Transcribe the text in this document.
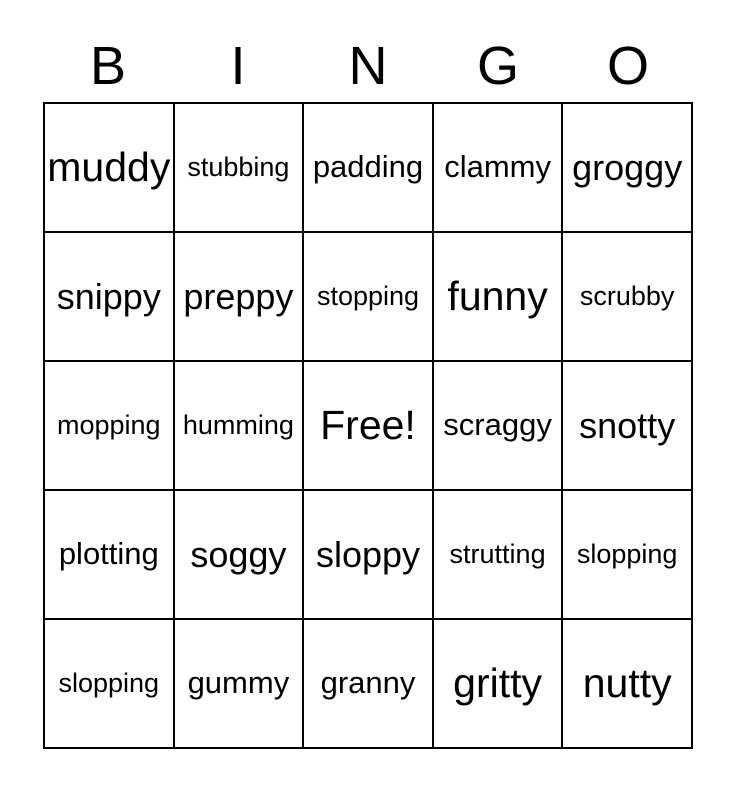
B	I	N	G	O
muddy stubbing padding clammy groggy
snippy preppy stopping funny scrubby
mopping humming Free! scraggy snotty
plotting soggy sloppy strutting slopping
slopping gummy granny gritty nutty
